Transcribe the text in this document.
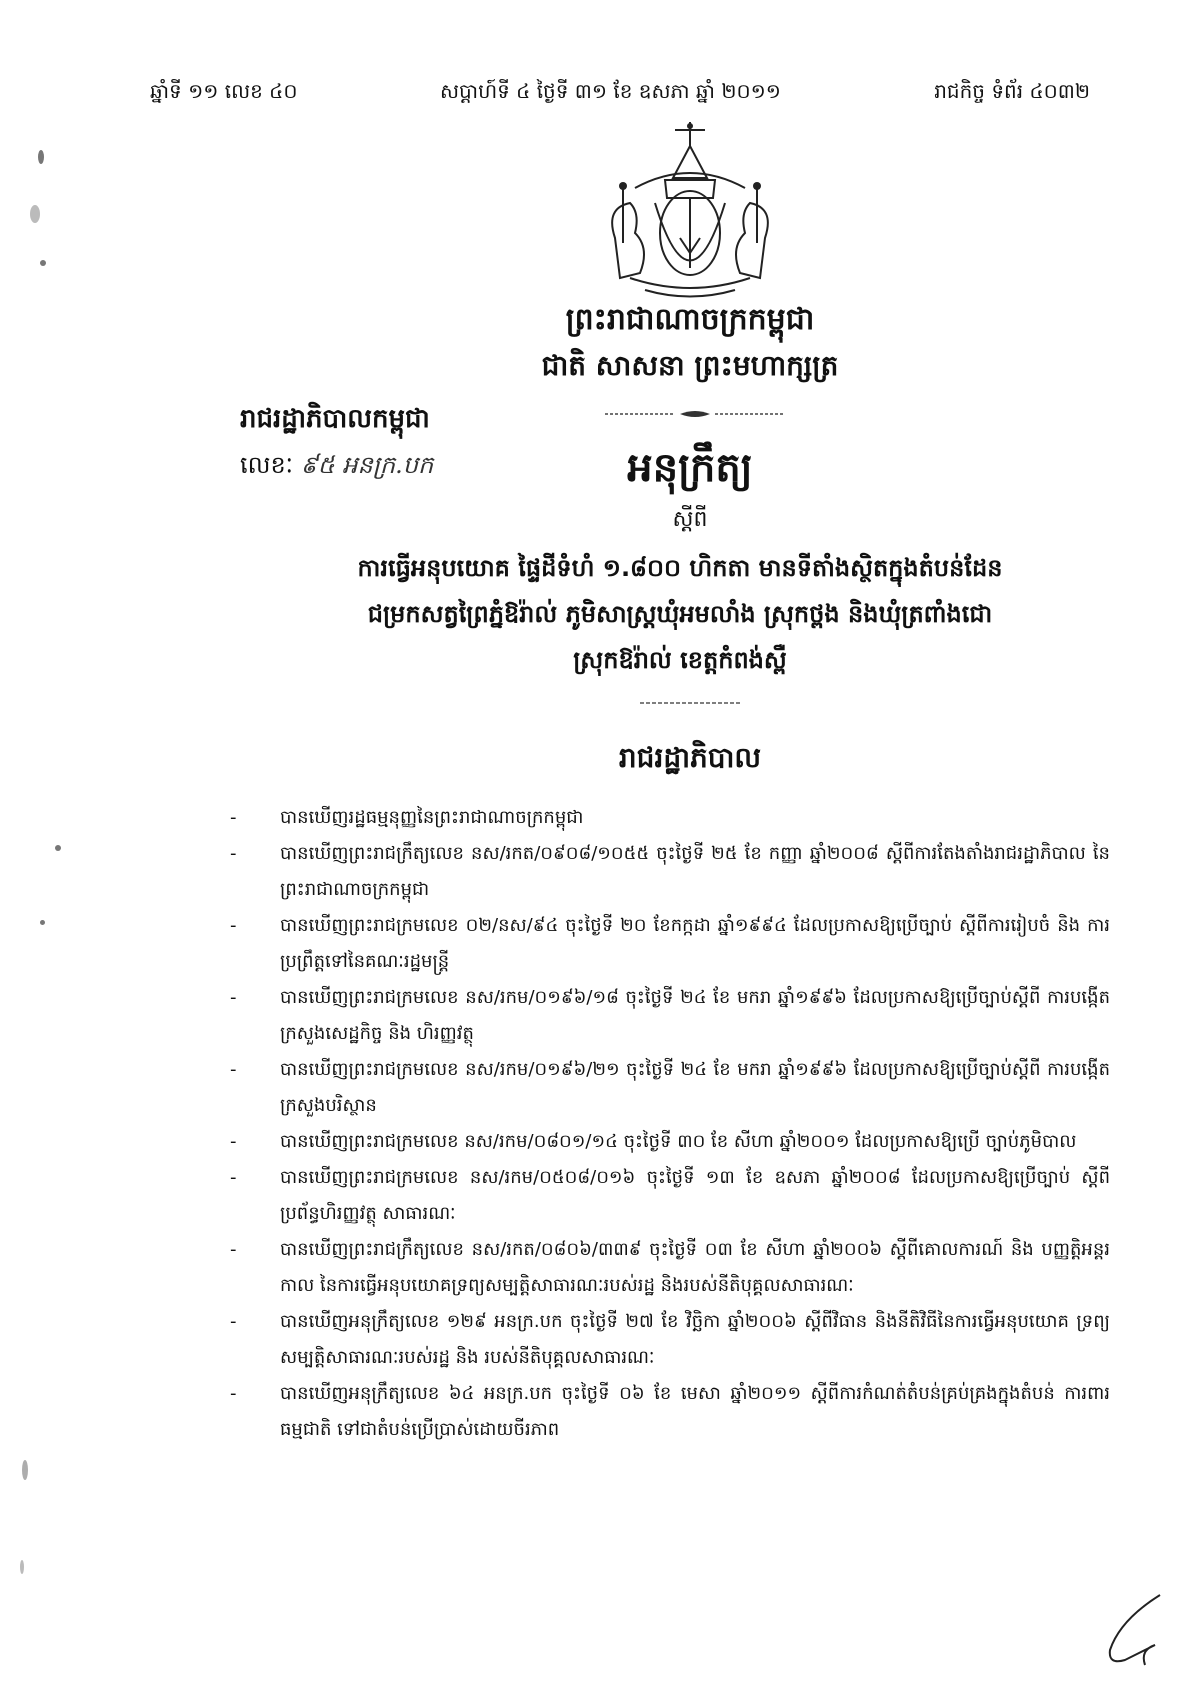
ឆ្នាំទី ១១ លេខ ៤០	សប្តាហ៍ទី ៤ ថ្ងៃទី ៣១ ខែ ឧសភា ឆ្នាំ ២០១១	រាជកិច្ច ទំព័រ ៤០៣២
ព្រះរាជាណាចក្រកម្ពុជា
ជាតិ សាសនា ព្រះមហាក្សត្រ
រាជរដ្ឋាភិបាលកម្ពុជា
លេខៈ ៩៥ អនក្រ.បក	អនុក្រឹត្យ
ស្តីពី
ការធ្វើអនុបយោគ ផ្ទៃដីទំហំ ១.៨០០ ហិកតា មានទីតាំងស្ថិតក្នុងតំបន់ដែន
ជម្រកសត្វព្រៃភ្នំឱរ៉ាល់ ភូមិសាស្ត្រឃុំអមលាំង ស្រុកថ្ពង និងឃុំត្រពាំងជោ
ស្រុកឱរ៉ាល់ ខេត្តកំពង់ស្ពឺ
រាជរដ្ឋាភិបាល
- បានឃើញរដ្ឋធម្មនុញ្ញនៃព្រះរាជាណាចក្រកម្ពុជា
- បានឃើញព្រះរាជក្រឹត្យលេខ នស/រកត/០៩០៨/១០៥៥ ចុះថ្ងៃទី ២៥ ខែ កញ្ញា ឆ្នាំ២០០៨ ស្តីពីការតែងតាំងរាជរដ្ឋាភិបាល នៃព្រះរាជាណាចក្រកម្ពុជា
- បានឃើញព្រះរាជក្រមលេខ ០២/នស/៩៤ ចុះថ្ងៃទី ២០ ខែកក្កដា ឆ្នាំ១៩៩៤ ដែលប្រកាសឱ្យប្រើច្បាប់ ស្តីពីការរៀបចំ និង ការប្រព្រឹត្តទៅនៃគណៈរដ្ឋមន្ត្រី
- បានឃើញព្រះរាជក្រមលេខ នស/រកម/០១៩៦/១៨ ចុះថ្ងៃទី ២៤ ខែ មករា ឆ្នាំ១៩៩៦ ដែលប្រកាសឱ្យប្រើច្បាប់ស្តីពី ការបង្កើតក្រសួងសេដ្ឋកិច្ច និង ហិរញ្ញវត្ថុ
- បានឃើញព្រះរាជក្រមលេខ នស/រកម/០១៩៦/២១ ចុះថ្ងៃទី ២៤ ខែ មករា ឆ្នាំ១៩៩៦ ដែលប្រកាសឱ្យប្រើច្បាប់ស្តីពី ការបង្កើតក្រសួងបរិស្ថាន
- បានឃើញព្រះរាជក្រមលេខ នស/រកម/០៨០១/១៤ ចុះថ្ងៃទី ៣០ ខែ សីហា ឆ្នាំ២០០១ ដែលប្រកាសឱ្យប្រើ ច្បាប់ភូមិបាល
- បានឃើញព្រះរាជក្រមលេខ នស/រកម/០៥០៨/០១៦ ចុះថ្ងៃទី ១៣ ខែ ឧសភា ឆ្នាំ២០០៨ ដែលប្រកាសឱ្យប្រើច្បាប់ ស្តីពីប្រព័ន្ធហិរញ្ញវត្ថុ សាធារណៈ
- បានឃើញព្រះរាជក្រឹត្យលេខ នស/រកត/០៨០៦/៣៣៩ ចុះថ្ងៃទី ០៣ ខែ សីហា ឆ្នាំ២០០៦ ស្តីពីគោលការណ៍ និង បញ្ញត្តិអន្តរកាល នៃការធ្វើអនុបយោគទ្រព្យសម្បត្តិសាធារណៈរបស់រដ្ឋ និងរបស់នីតិបុគ្គលសាធារណៈ
- បានឃើញអនុក្រឹត្យលេខ ១២៩ អនក្រ.បក ចុះថ្ងៃទី ២៧ ខែ វិច្ឆិកា ឆ្នាំ២០០៦ ស្តីពីវិធាន និងនីតិវិធីនៃការធ្វើអនុបយោគ ទ្រព្យសម្បត្តិសាធារណៈរបស់រដ្ឋ និង របស់នីតិបុគ្គលសាធារណៈ
- បានឃើញអនុក្រឹត្យលេខ ៦៤ អនក្រ.បក ចុះថ្ងៃទី ០៦ ខែ មេសា ឆ្នាំ២០១១ ស្តីពីការកំណត់តំបន់គ្រប់គ្រងក្នុងតំបន់ ការពារធម្មជាតិ ទៅជាតំបន់ប្រើប្រាស់ដោយចីរភាព
